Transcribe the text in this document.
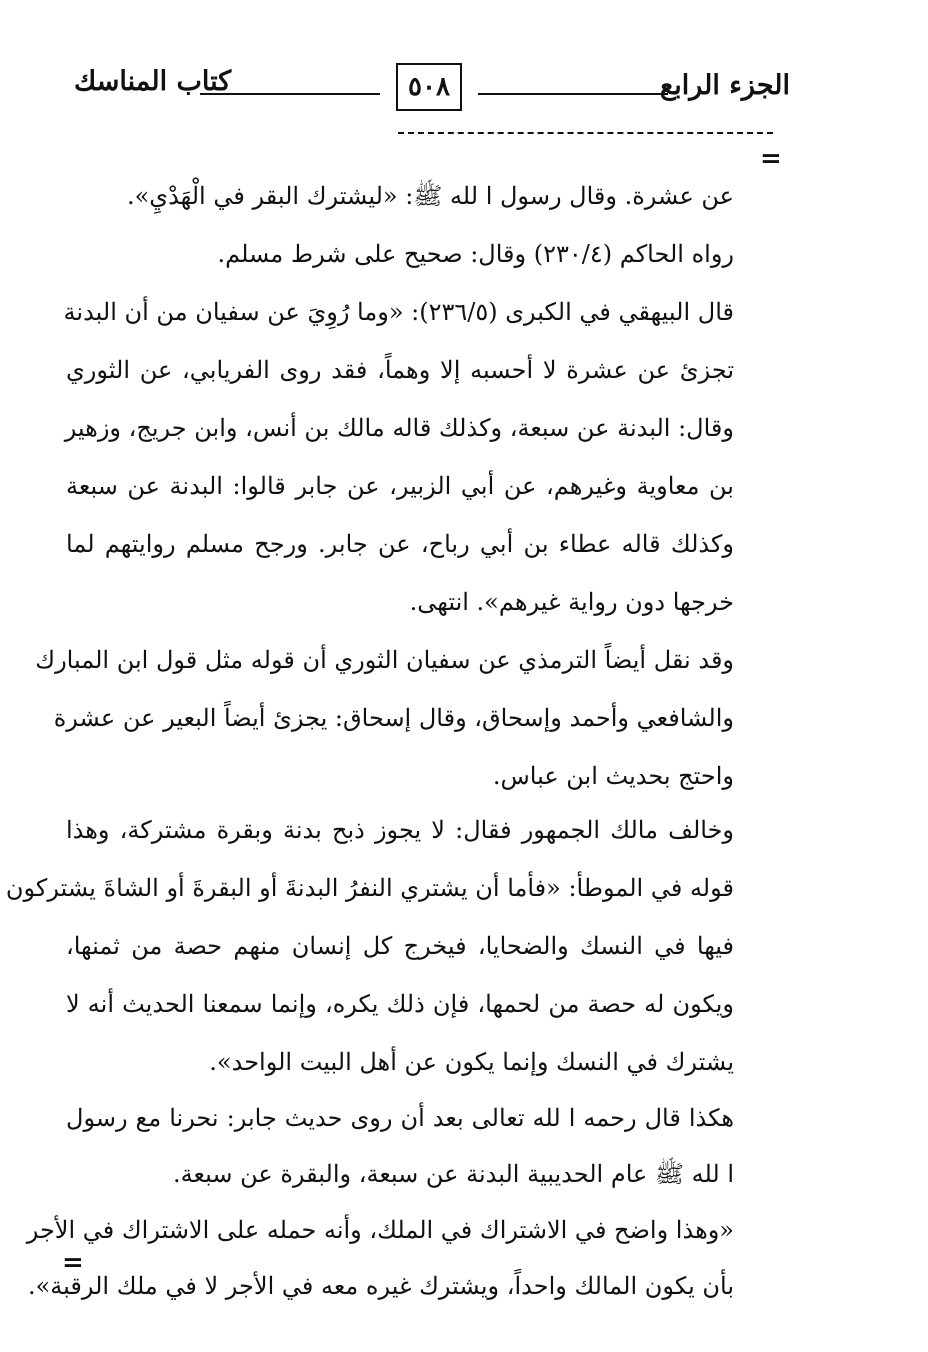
الجزء الرابع
٥٠٨
كتاب المناسك
=
عن عشرة. وقال رسول ا لله ﷺ: «ليشترك البقر في الْهَدْيِ».
رواه الحاكم (٢٣٠/٤) وقال: صحيح على شرط مسلم.
قال البيهقي في الكبرى (٢٣٦/٥): «وما رُوِيَ عن سفيان من أن البدنة
تجزئ عن عشرة لا أحسبه إلا وهماً، فقد روى الفريابي، عن الثوري
وقال: البدنة عن سبعة، وكذلك قاله مالك بن أنس، وابن جريج، وزهير
بن معاوية وغيرهم، عن أبي الزبير، عن جابر قالوا: البدنة عن سبعة
وكذلك قاله عطاء بن أبي رباح، عن جابر. ورجح مسلم روايتهم لما
خرجها دون رواية غيرهم». انتهى.
وقد نقل أيضاً الترمذي عن سفيان الثوري أن قوله مثل قول ابن المبارك
والشافعي وأحمد وإسحاق، وقال إسحاق: يجزئ أيضاً البعير عن عشرة
واحتج بحديث ابن عباس.
وخالف مالك الجمهور فقال: لا يجوز ذبح بدنة وبقرة مشتركة، وهذا
قوله في الموطأ: «فأما أن يشتري النفرُ البدنةَ أو البقرةَ أو الشاةَ يشتركون
فيها في النسك والضحايا، فيخرج كل إنسان منهم حصة من ثمنها،
ويكون له حصة من لحمها، فإن ذلك يكره، وإنما سمعنا الحديث أنه لا
يشترك في النسك وإنما يكون عن أهل البيت الواحد».
هكذا قال رحمه ا لله تعالى بعد أن روى حديث جابر: نحرنا مع رسول
ا لله ﷺ عام الحديبية البدنة عن سبعة، والبقرة عن سبعة.
«وهذا واضح في الاشتراك في الملك، وأنه حمله على الاشتراك في الأجر
بأن يكون المالك واحداً، ويشترك غيره معه في الأجر لا في ملك الرقبة».
=
